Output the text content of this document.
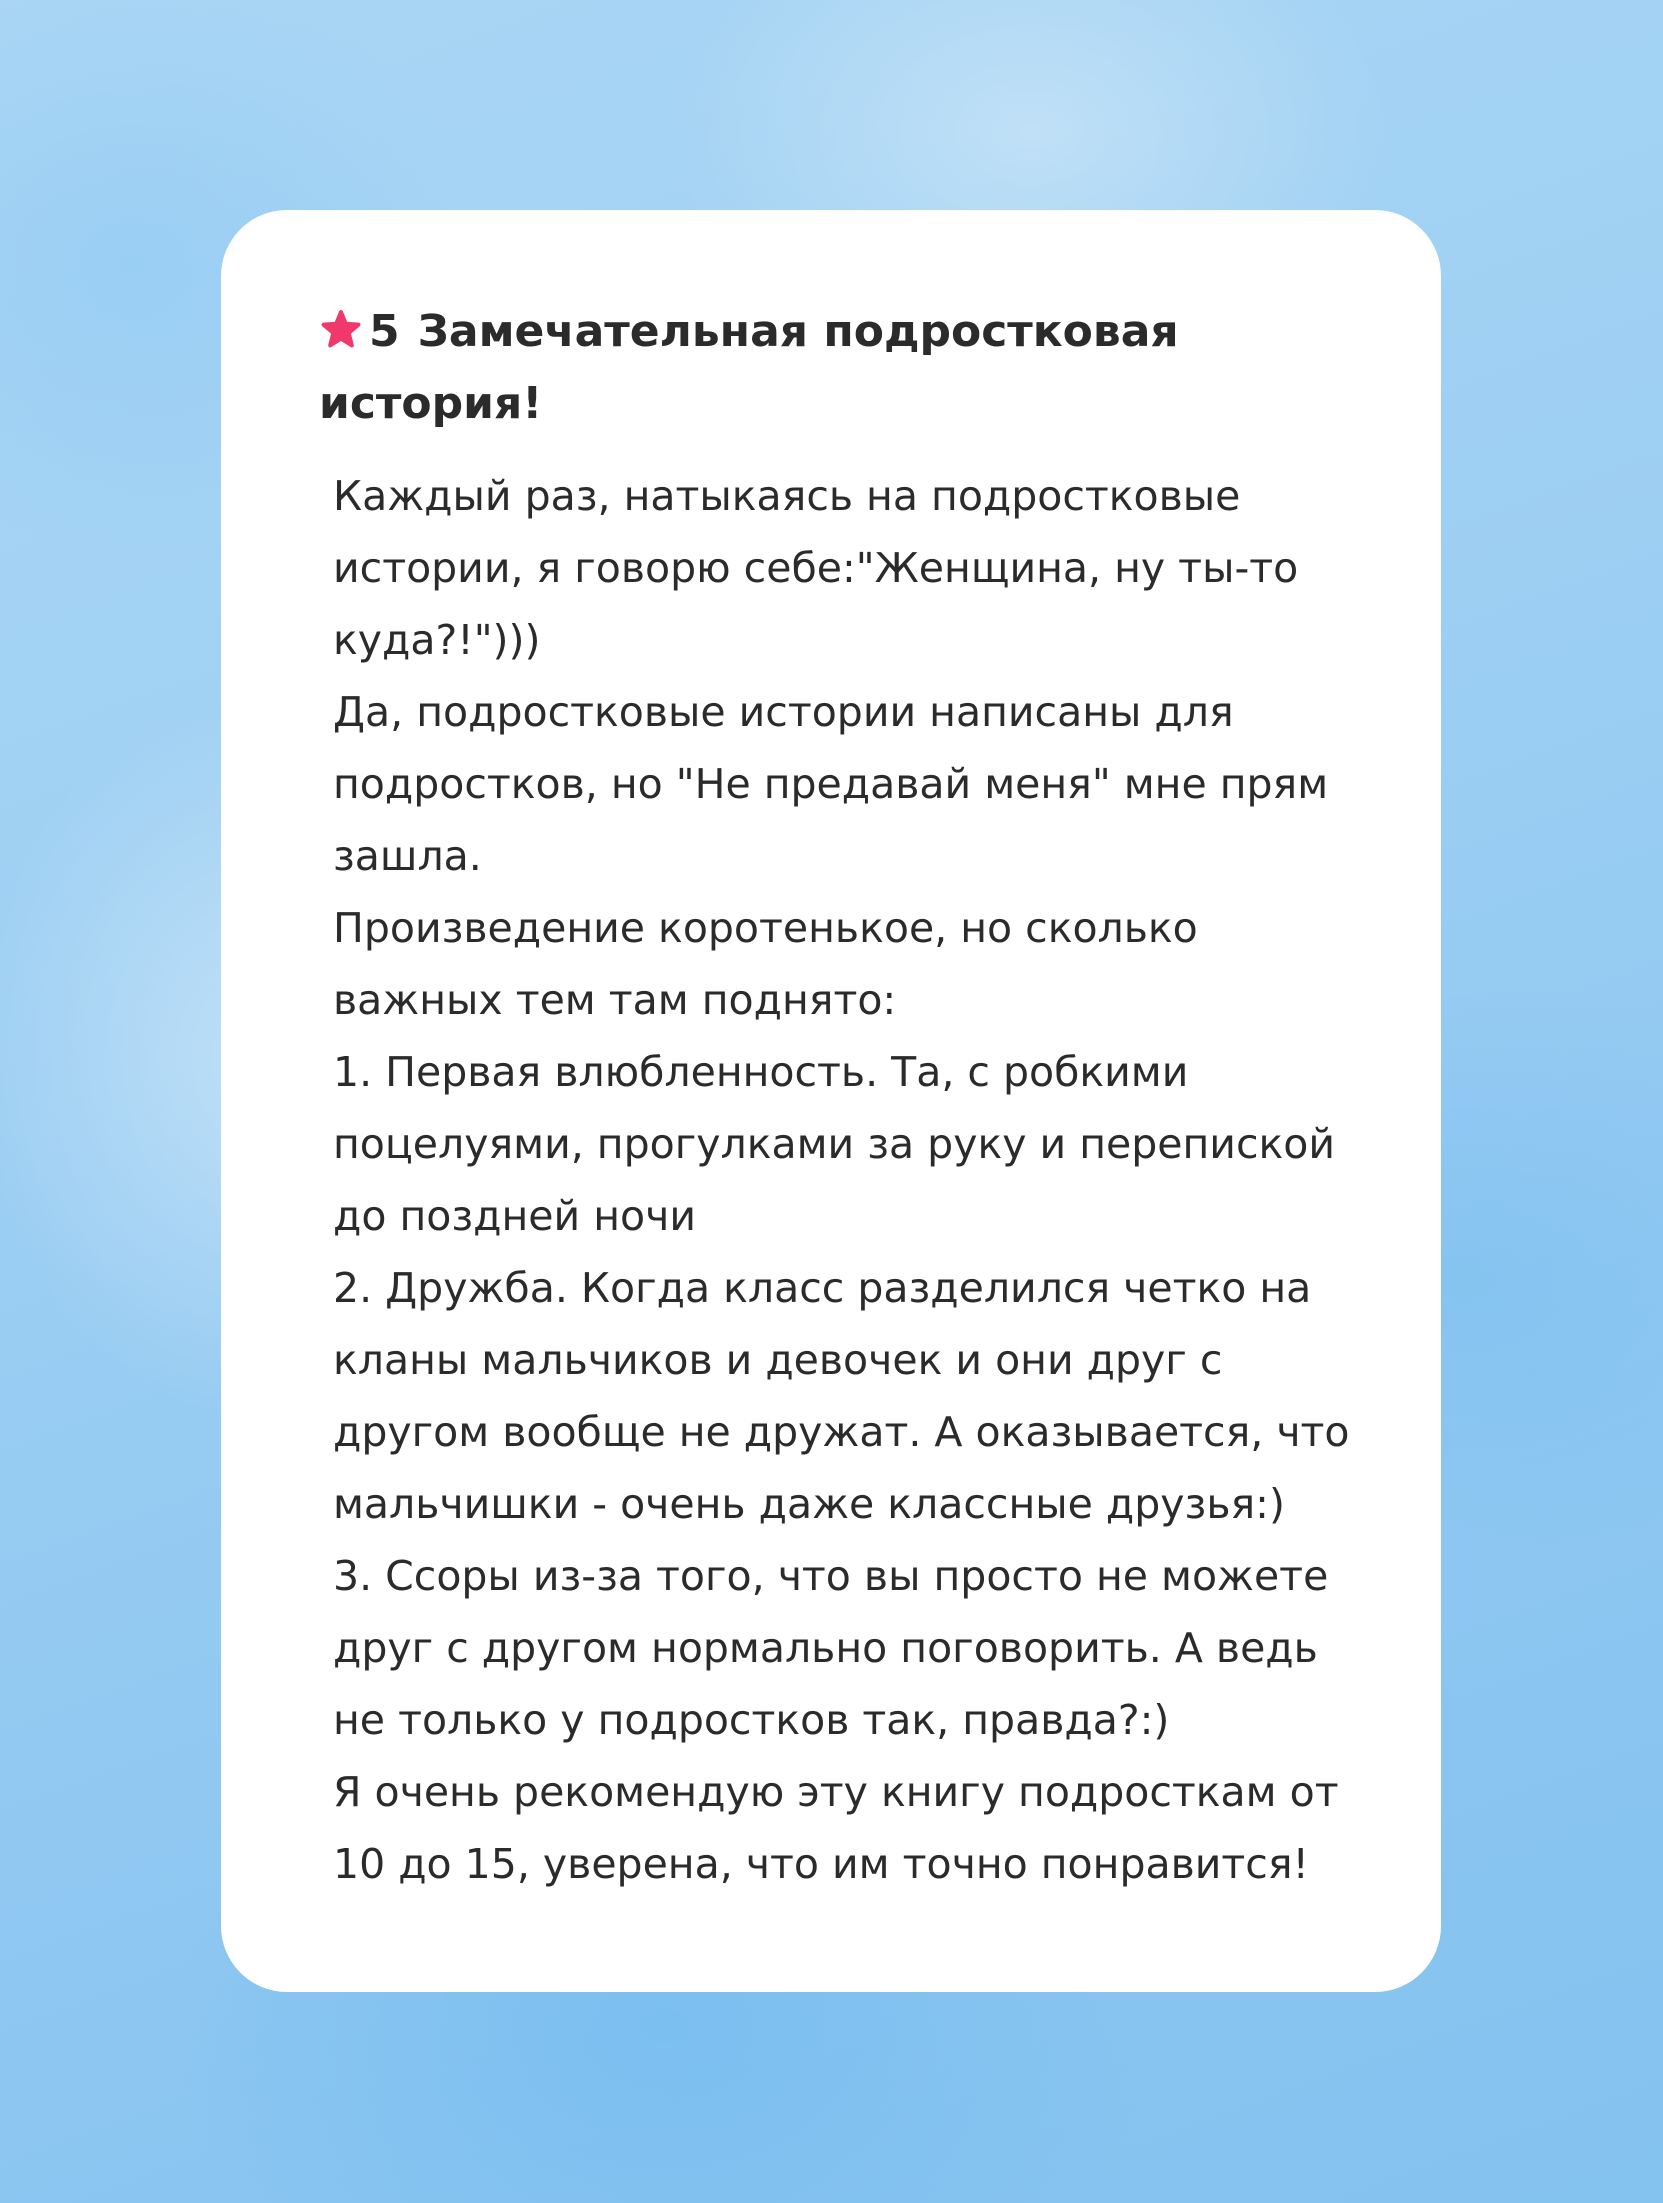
5 Замечательная подростковая история!
Каждый раз, натыкаясь на подростковые
истории, я говорю себе:"Женщина, ну ты-то
куда?!")))
Да, подростковые истории написаны для
подростков, но "Не предавай меня" мне прям
зашла.
Произведение коротенькое, но сколько
важных тем там поднято:
1. Первая влюбленность. Та, с робкими
поцелуями, прогулками за руку и перепиской
до поздней ночи
2. Дружба. Когда класс разделился четко на
кланы мальчиков и девочек и они друг с
другом вообще не дружат. А оказывается, что
мальчишки - очень даже классные друзья:)
3. Ссоры из-за того, что вы просто не можете
друг с другом нормально поговорить. А ведь
не только у подростков так, правда?:)
Я очень рекомендую эту книгу подросткам от
10 до 15, уверена, что им точно понравится!
